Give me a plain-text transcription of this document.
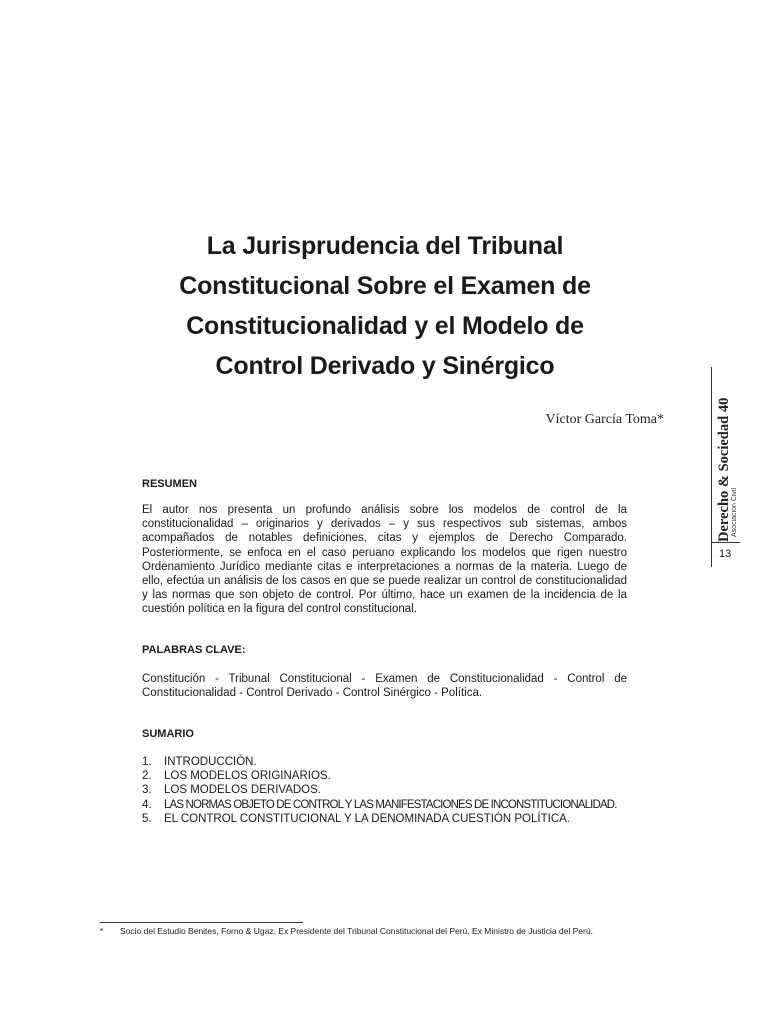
La Jurisprudencia del Tribunal
Constitucional Sobre el Examen de
Constitucionalidad y el Modelo de
Control Derivado y Sinérgico
Víctor García Toma*	Derecho & Sociedad 40 Asociación Civil
13
RESUMEN

El autor nos presenta un profundo análisis sobre los modelos de control de la
constitucionalidad – originarios y derivados – y sus respectivos sub sistemas, ambos
acompañados de notables definiciones, citas y ejemplos de Derecho Comparado.
Posteriormente, se enfoca en el caso peruano explicando los modelos que rigen nuestro
Ordenamiento Jurídico mediante citas e interpretaciones a normas de la materia. Luego de
ello, efectúa un análisis de los casos en que se puede realizar un control de constitucionalidad
y las normas que son objeto de control. Por último, hace un examen de la incidencia de la
cuestión política en la figura del control constitucional.

PALABRAS CLAVE:

Constitución - Tribunal Constitucional - Examen de Constitucionalidad - Control de
Constitucionalidad - Control Derivado - Control Sinérgico - Política.

SUMARIO
1.	INTRODUCCIÓN.
2.	LOS MODELOS ORIGINARIOS.
3.	LOS MODELOS DERIVADOS.
4.	LAS NORMAS OBJETO DE CONTROL Y LAS MANIFESTACIONES DE INCONSTITUCIONALIDAD.
5.	EL CONTROL CONSTITUCIONAL Y LA DENOMINADA CUESTIÓN POLÍTICA.
* Socio del Estudio Benites, Forno & Ugaz. Ex Presidente del Tribunal Constitucional del Perú. Ex Ministro de Justicia del Perú.
